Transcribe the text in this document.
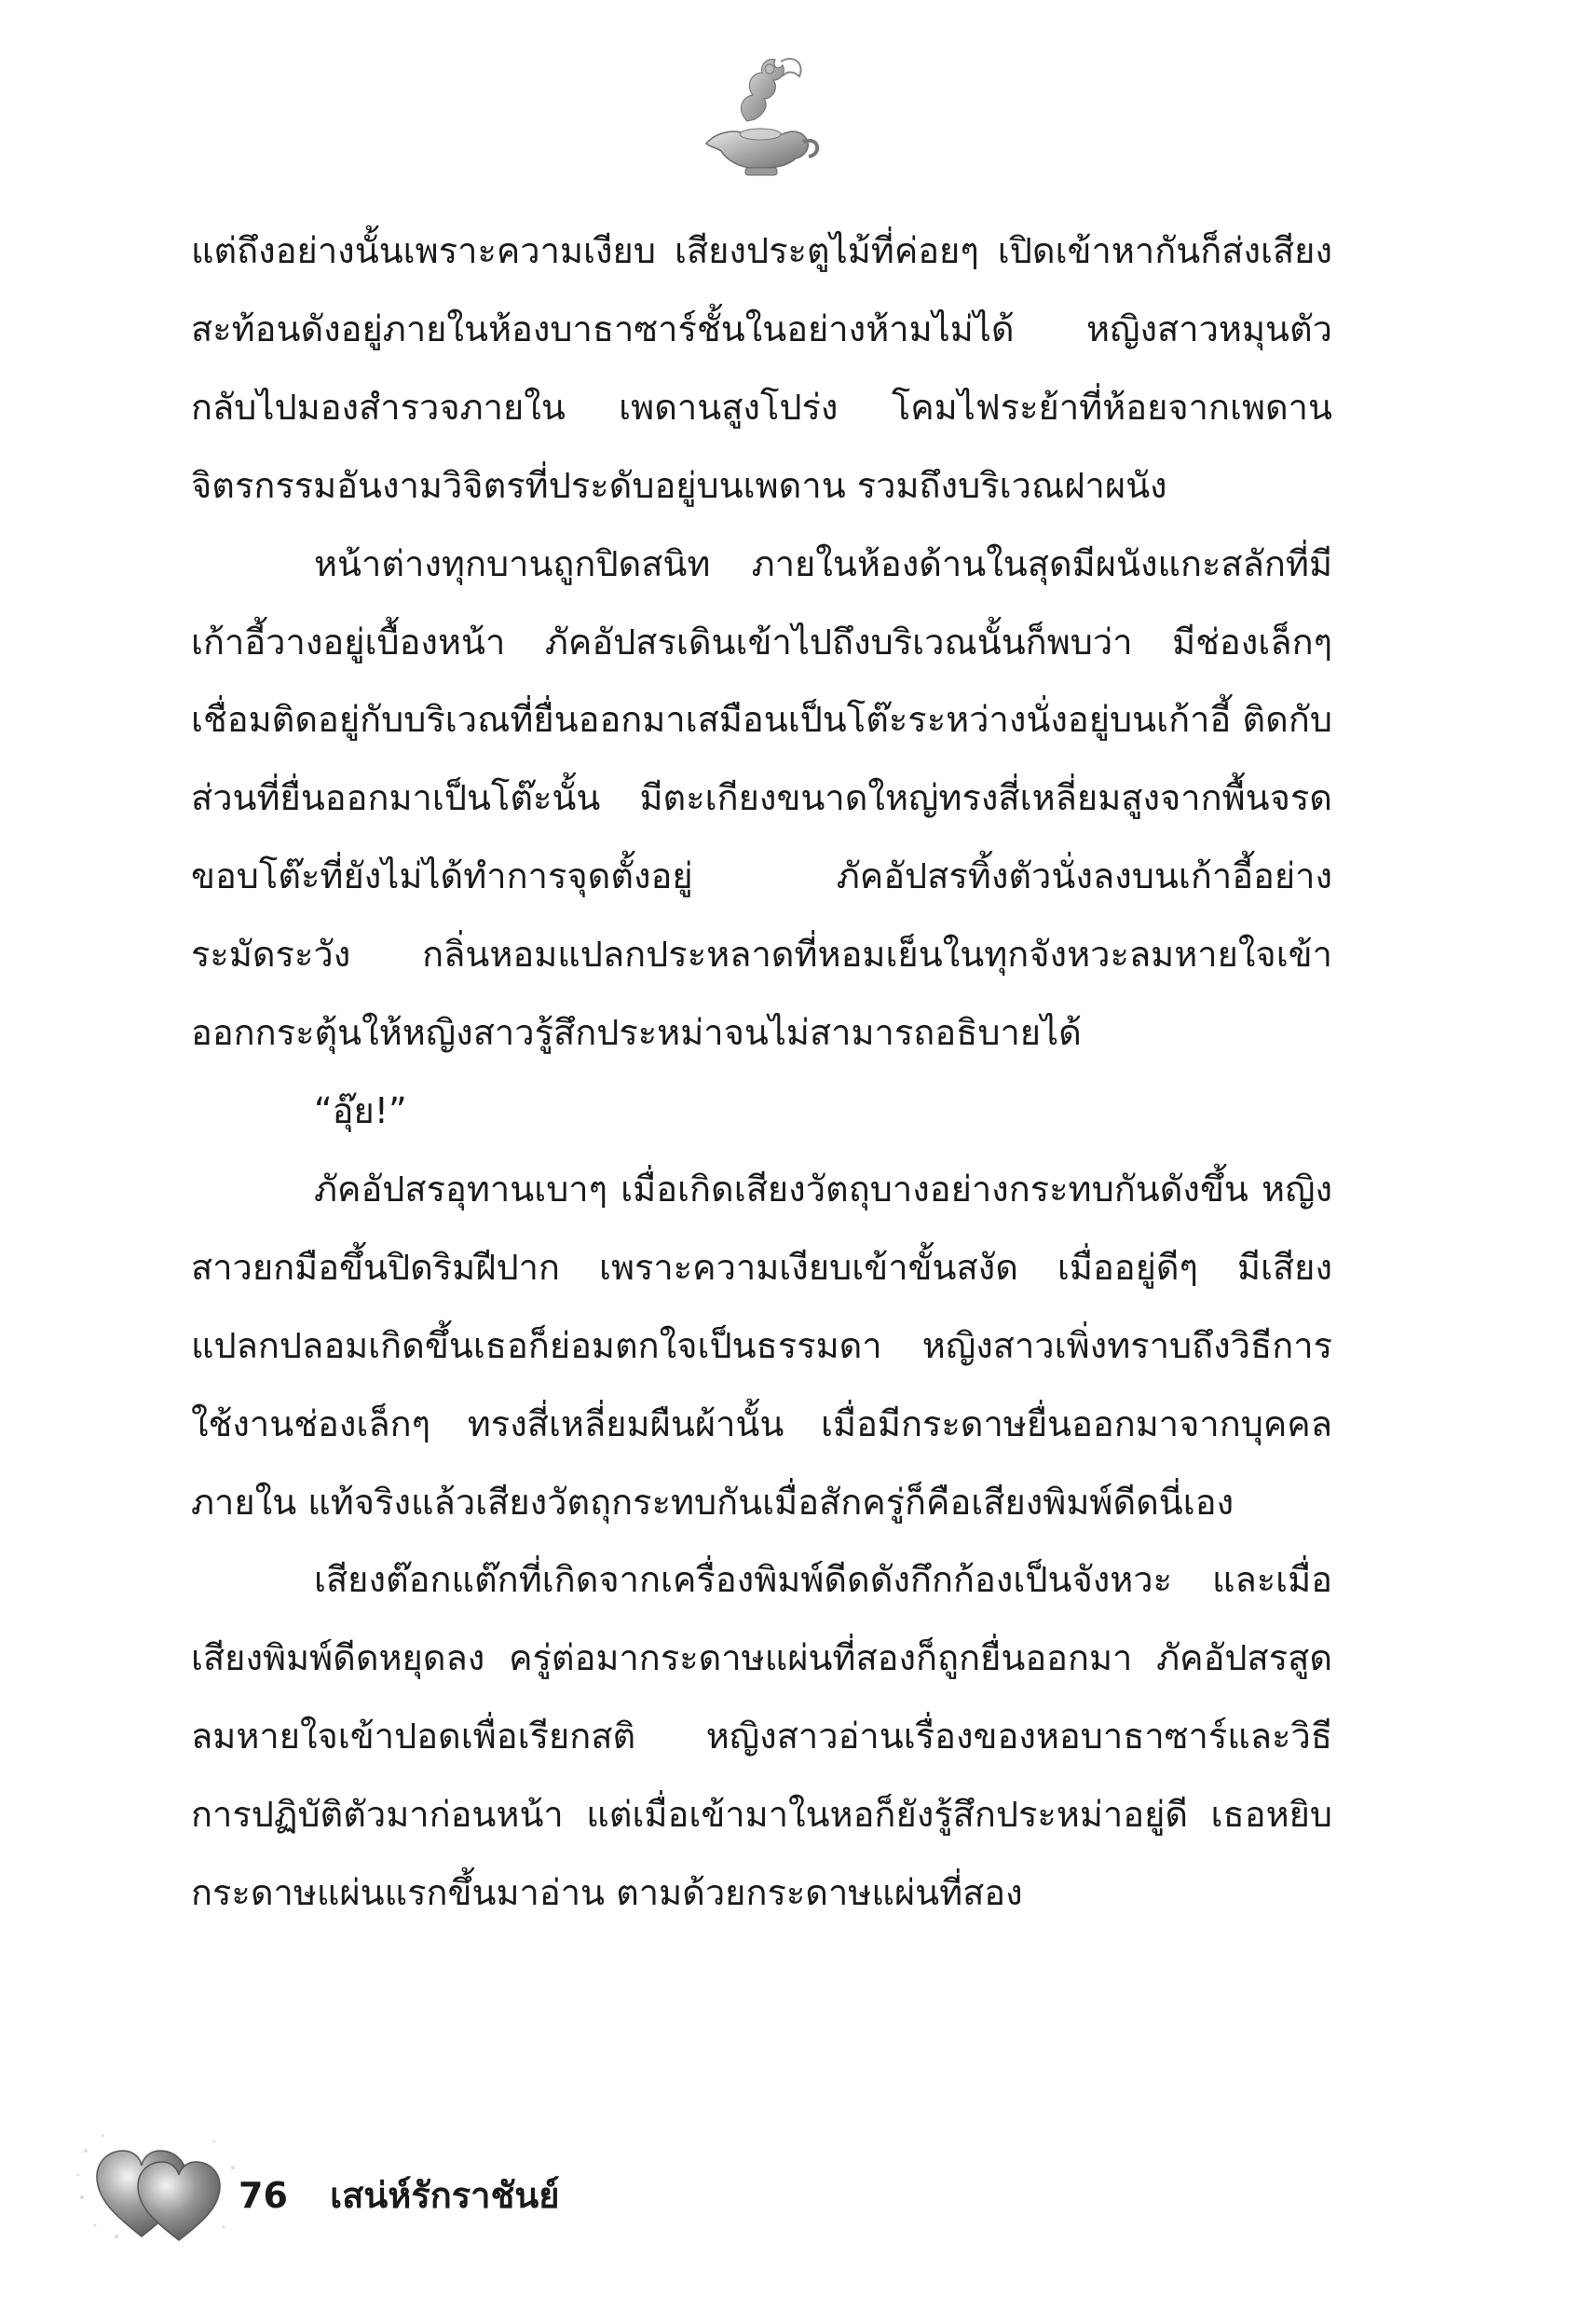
แต่ถึงอย่างนั้นเพราะความเงียบ เสียงประตูไม้ที่ค่อยๆ เปิดเข้าหากันก็ส่งเสียงสะท้อนดังอยู่ภายในห้องบาธาซาร์ชั้นในอย่างห้ามไม่ได้ หญิงสาวหมุนตัวกลับไปมองสำรวจภายใน เพดานสูงโปร่ง โคมไฟระย้าที่ห้อยจากเพดาน จิตรกรรมอันงามวิจิตรที่ประดับอยู่บนเพดาน รวมถึงบริเวณฝาผนัง

หน้าต่างทุกบานถูกปิดสนิท ภายในห้องด้านในสุดมีผนังแกะสลักที่มีเก้าอี้วางอยู่เบื้องหน้า ภัคอัปสรเดินเข้าไปถึงบริเวณนั้นก็พบว่า มีช่องเล็กๆ เชื่อมติดอยู่กับบริเวณที่ยื่นออกมาเสมือนเป็นโต๊ะระหว่างนั่งอยู่บนเก้าอี้ ติดกับส่วนที่ยื่นออกมาเป็นโต๊ะนั้น มีตะเกียงขนาดใหญ่ทรงสี่เหลี่ยมสูงจากพื้นจรดขอบโต๊ะที่ยังไม่ได้ทำการจุดตั้งอยู่ ภัคอัปสรทิ้งตัวนั่งลงบนเก้าอี้อย่างระมัดระวัง กลิ่นหอมแปลกประหลาดที่หอมเย็นในทุกจังหวะลมหายใจเข้าออกกระตุ้นให้หญิงสาวรู้สึกประหม่าจนไม่สามารถอธิบายได้

“อุ๊ย!”

ภัคอัปสรอุทานเบาๆ เมื่อเกิดเสียงวัตถุบางอย่างกระทบกันดังขึ้น หญิงสาวยกมือขึ้นปิดริมฝีปาก เพราะความเงียบเข้าขั้นสงัด เมื่ออยู่ดีๆ มีเสียงแปลกปลอมเกิดขึ้นเธอก็ย่อมตกใจเป็นธรรมดา หญิงสาวเพิ่งทราบถึงวิธีการใช้งานช่องเล็กๆ ทรงสี่เหลี่ยมผืนผ้านั้น เมื่อมีกระดาษยื่นออกมาจากบุคคลภายใน แท้จริงแล้วเสียงวัตถุกระทบกันเมื่อสักครู่ก็คือเสียงพิมพ์ดีดนี่เอง

เสียงต๊อกแต๊กที่เกิดจากเครื่องพิมพ์ดีดดังกึกก้องเป็นจังหวะ และเมื่อเสียงพิมพ์ดีดหยุดลง ครู่ต่อมากระดาษแผ่นที่สองก็ถูกยื่นออกมา ภัคอัปสรสูดลมหายใจเข้าปอดเพื่อเรียกสติ หญิงสาวอ่านเรื่องของหอบาธาซาร์และวิธีการปฏิบัติตัวมาก่อนหน้า แต่เมื่อเข้ามาในหอก็ยังรู้สึกประหม่าอยู่ดี เธอหยิบกระดาษแผ่นแรกขึ้นมาอ่าน ตามด้วยกระดาษแผ่นที่สอง

76 เสน่ห์รักราชันย์
